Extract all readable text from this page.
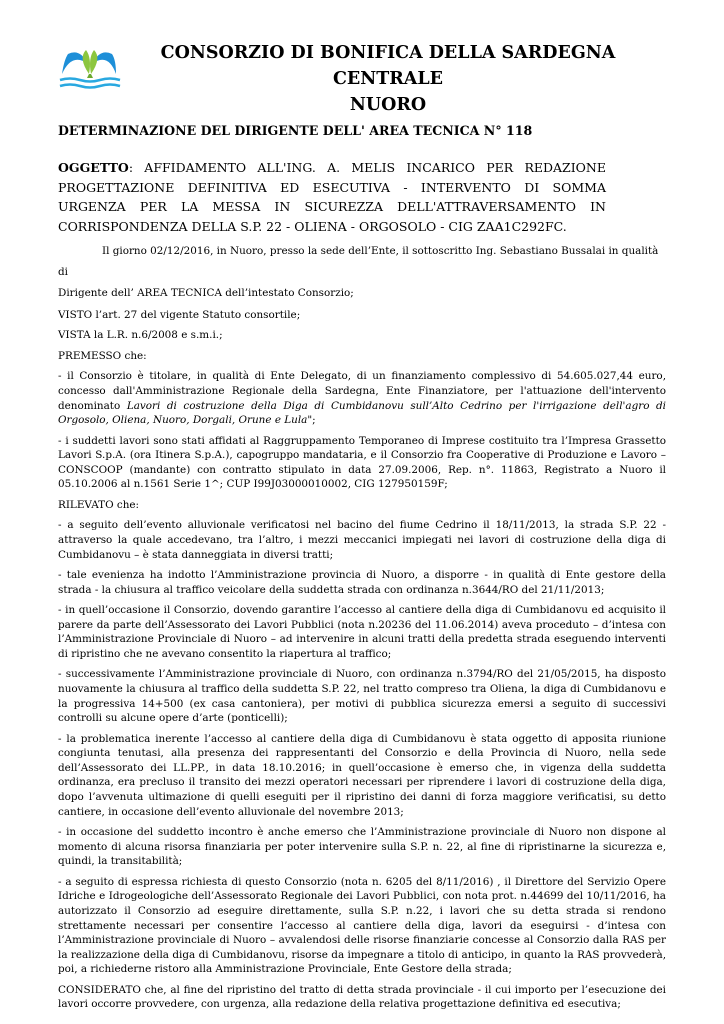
CONSORZIO DI BONIFICA DELLA SARDEGNA CENTRALE
NUORO
DETERMINAZIONE DEL DIRIGENTE DELL' AREA TECNICA N° 118
OGGETTO: AFFIDAMENTO ALL'ING. A. MELIS INCARICO PER REDAZIONE PROGETTAZIONE DEFINITIVA ED ESECUTIVA - INTERVENTO DI SOMMA URGENZA PER LA MESSA IN SICUREZZA DELL'ATTRAVERSAMENTO IN CORRISPONDENZA DELLA S.P. 22 - OLIENA - ORGOSOLO - CIG ZAA1C292FC.

Il giorno 02/12/2016, in Nuoro, presso la sede dell’Ente, il sottoscritto Ing. Sebastiano Bussalai in qualità di

Dirigente dell’ AREA TECNICA dell’intestato Consorzio;

VISTO l’art. 27 del vigente Statuto consortile;

VISTA la L.R. n.6/2008 e s.m.i.;

PREMESSO che:

- il Consorzio è titolare, in qualità di Ente Delegato, di un finanziamento complessivo di 54.605.027,44 euro, concesso dall'Amministrazione Regionale della Sardegna, Ente Finanziatore, per l'attuazione dell'intervento denominato Lavori di costruzione della Diga di Cumbidanovu sull’Alto Cedrino per l'irrigazione dell'agro di Orgosolo, Oliena, Nuoro, Dorgali, Orune e Lula";

- i suddetti lavori sono stati affidati al Raggruppamento Temporaneo di Imprese costituito tra l’Impresa Grassetto Lavori S.p.A. (ora Itinera S.p.A.), capogruppo mandataria, e il Consorzio fra Cooperative di Produzione e Lavoro – CONSCOOP (mandante) con contratto stipulato in data 27.09.2006, Rep. n°. 11863, Registrato a Nuoro il 05.10.2006 al n.1561 Serie 1^; CUP I99J03000010002, CIG 127950159F;

RILEVATO che:

- a seguito dell’evento alluvionale verificatosi nel bacino del fiume Cedrino il 18/11/2013, la strada S.P. 22 - attraverso la quale accedevano, tra l’altro, i mezzi meccanici impiegati nei lavori di costruzione della diga di Cumbidanovu – è stata danneggiata in diversi tratti;

- tale evenienza ha indotto l’Amministrazione provincia di Nuoro, a disporre - in qualità di Ente gestore della strada - la chiusura al traffico veicolare della suddetta strada con ordinanza n.3644/RO del 21/11/2013;

- in quell’occasione il Consorzio, dovendo garantire l’accesso al cantiere della diga di Cumbidanovu ed acquisito il parere da parte dell’Assessorato dei Lavori Pubblici (nota n.20236 del 11.06.2014) aveva proceduto – d’intesa con l’Amministrazione Provinciale di Nuoro – ad intervenire in alcuni tratti della predetta strada eseguendo interventi di ripristino che ne avevano consentito la riapertura al traffico;

- successivamente l’Amministrazione provinciale di Nuoro, con ordinanza n.3794/RO del 21/05/2015, ha disposto nuovamente la chiusura al traffico della suddetta S.P. 22, nel tratto compreso tra Oliena, la diga di Cumbidanovu e la progressiva 14+500 (ex casa cantoniera), per motivi di pubblica sicurezza emersi a seguito di successivi controlli su alcune opere d’arte (ponticelli);

- la problematica inerente l’accesso al cantiere della diga di Cumbidanovu è stata oggetto di apposita riunione congiunta tenutasi, alla presenza dei rappresentanti del Consorzio e della Provincia di Nuoro, nella sede dell’Assessorato dei LL.PP., in data 18.10.2016; in quell’occasione è emerso che, in vigenza della suddetta ordinanza, era precluso il transito dei mezzi operatori necessari per riprendere i lavori di costruzione della diga, dopo l’avvenuta ultimazione di quelli eseguiti per il ripristino dei danni di forza maggiore verificatisi, su detto cantiere, in occasione dell’evento alluvionale del novembre 2013;

- in occasione del suddetto incontro è anche emerso che l’Amministrazione provinciale di Nuoro non dispone al momento di alcuna risorsa finanziaria per poter intervenire sulla S.P. n. 22, al fine di ripristinarne la sicurezza e, quindi, la transitabilità;

- a seguito di espressa richiesta di questo Consorzio (nota n. 6205 del 8/11/2016) , il Direttore del Servizio Opere Idriche e Idrogeologiche dell’Assessorato Regionale dei Lavori Pubblici, con nota prot. n.44699 del 10/11/2016, ha autorizzato il Consorzio ad eseguire direttamente, sulla S.P. n.22, i lavori che su detta strada si rendono strettamente necessari per consentire l’accesso al cantiere della diga, lavori da eseguirsi - d’intesa con l’Amministrazione provinciale di Nuoro – avvalendosi delle risorse finanziarie concesse al Consorzio dalla RAS per la realizzazione della diga di Cumbidanovu, risorse da impegnare a titolo di anticipo, in quanto la RAS provvederà, poi, a richiederne ristoro alla Amministrazione Provinciale, Ente Gestore della strada;

CONSIDERATO che, al fine del ripristino del tratto di detta strada provinciale - il cui importo per l’esecuzione dei lavori occorre provvedere, con urgenza, alla redazione della relativa progettazione definitiva ed esecutiva;
